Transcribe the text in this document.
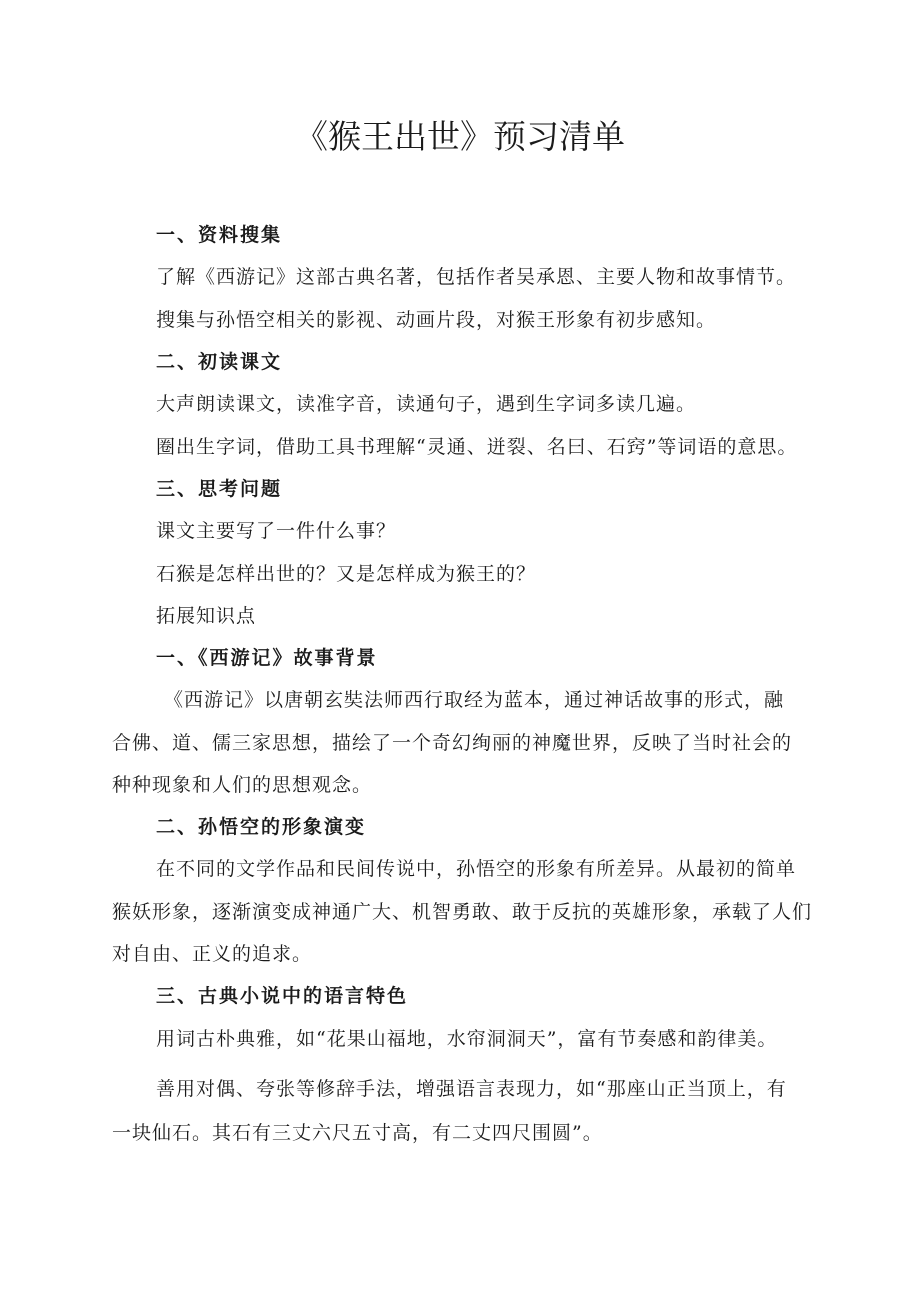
《猴王出世》预习清单
一、资料搜集
了解《西游记》这部古典名著，包括作者吴承恩、主要人物和故事情节。
搜集与孙悟空相关的影视、动画片段，对猴王形象有初步感知。
二、初读课文
大声朗读课文，读准字音，读通句子，遇到生字词多读几遍。
圈出生字词，借助工具书理解“灵通、迸裂、名曰、石窍”等词语的意思。
三、思考问题
课文主要写了一件什么事？
石猴是怎样出世的？又是怎样成为猴王的？
拓展知识点
一、《西游记》故事背景
《西游记》以唐朝玄奘法师西行取经为蓝本，通过神话故事的形式，融
合佛、道、儒三家思想，描绘了一个奇幻绚丽的神魔世界，反映了当时社会的
种种现象和人们的思想观念。
二、孙悟空的形象演变
在不同的文学作品和民间传说中，孙悟空的形象有所差异。从最初的简单
猴妖形象，逐渐演变成神通广大、机智勇敢、敢于反抗的英雄形象，承载了人们
对自由、正义的追求。
三、古典小说中的语言特色
用词古朴典雅，如“花果山福地，水帘洞洞天”，富有节奏感和韵律美。
善用对偶、夸张等修辞手法，增强语言表现力，如“那座山正当顶上，有
一块仙石。其石有三丈六尺五寸高，有二丈四尺围圆”。
